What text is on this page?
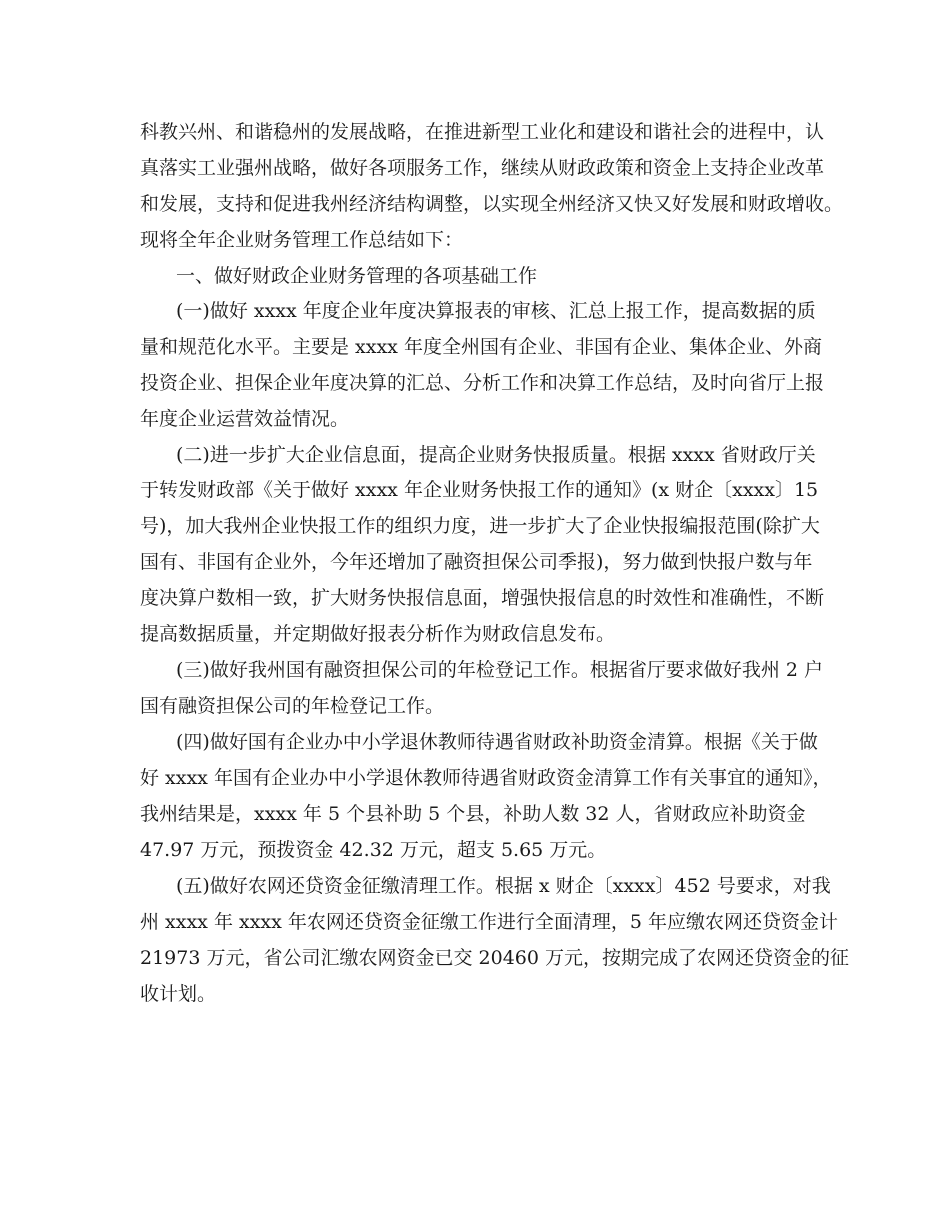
科教兴州、和谐稳州的发展战略，在推进新型工业化和建设和谐社会的进程中，认
真落实工业强州战略，做好各项服务工作，继续从财政政策和资金上支持企业改革
和发展，支持和促进我州经济结构调整，以实现全州经济又快又好发展和财政增收。
现将全年企业财务管理工作总结如下：
一、做好财政企业财务管理的各项基础工作
(一)做好 xxxx 年度企业年度决算报表的审核、汇总上报工作，提高数据的质
量和规范化水平。主要是 xxxx 年度全州国有企业、非国有企业、集体企业、外商
投资企业、担保企业年度决算的汇总、分析工作和决算工作总结，及时向省厅上报
年度企业运营效益情况。
(二)进一步扩大企业信息面，提高企业财务快报质量。根据 xxxx 省财政厅关
于转发财政部《关于做好 xxxx 年企业财务快报工作的通知》(x 财企〔xxxx〕15
号)，加大我州企业快报工作的组织力度，进一步扩大了企业快报编报范围(除扩大
国有、非国有企业外，今年还增加了融资担保公司季报)，努力做到快报户数与年
度决算户数相一致，扩大财务快报信息面，增强快报信息的时效性和准确性，不断
提高数据质量，并定期做好报表分析作为财政信息发布。
(三)做好我州国有融资担保公司的年检登记工作。根据省厅要求做好我州 2 户
国有融资担保公司的年检登记工作。
(四)做好国有企业办中小学退休教师待遇省财政补助资金清算。根据《关于做
好 xxxx 年国有企业办中小学退休教师待遇省财政资金清算工作有关事宜的通知》，
我州结果是，xxxx 年 5 个县补助 5 个县，补助人数 32 人，省财政应补助资金
47.97 万元，预拨资金 42.32 万元，超支 5.65 万元。
(五)做好农网还贷资金征缴清理工作。根据 x 财企〔xxxx〕452 号要求，对我
州 xxxx 年 xxxx 年农网还贷资金征缴工作进行全面清理，5 年应缴农网还贷资金计
21973 万元，省公司汇缴农网资金已交 20460 万元，按期完成了农网还贷资金的征
收计划。
